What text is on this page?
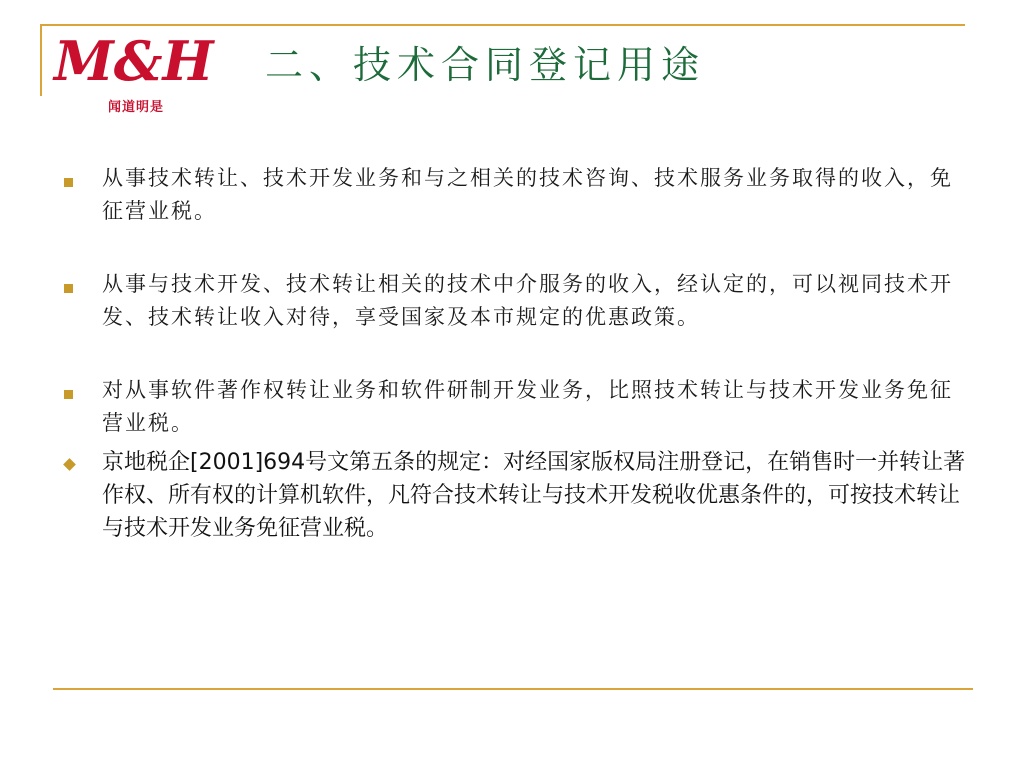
M&H
闻道明是
二、技术合同登记用途
从事技术转让、技术开发业务和与之相关的技术咨询、技术服务业务取得的收入，免征营业税。
从事与技术开发、技术转让相关的技术中介服务的收入，经认定的，可以视同技术开发、技术转让收入对待，享受国家及本市规定的优惠政策。
对从事软件著作权转让业务和软件研制开发业务，比照技术转让与技术开发业务免征营业税。
京地税企[2001]694号文第五条的规定：对经国家版权局注册登记，在销售时一并转让著作权、所有权的计算机软件，凡符合技术转让与技术开发税收优惠条件的，可按技术转让与技术开发业务免征营业税。
